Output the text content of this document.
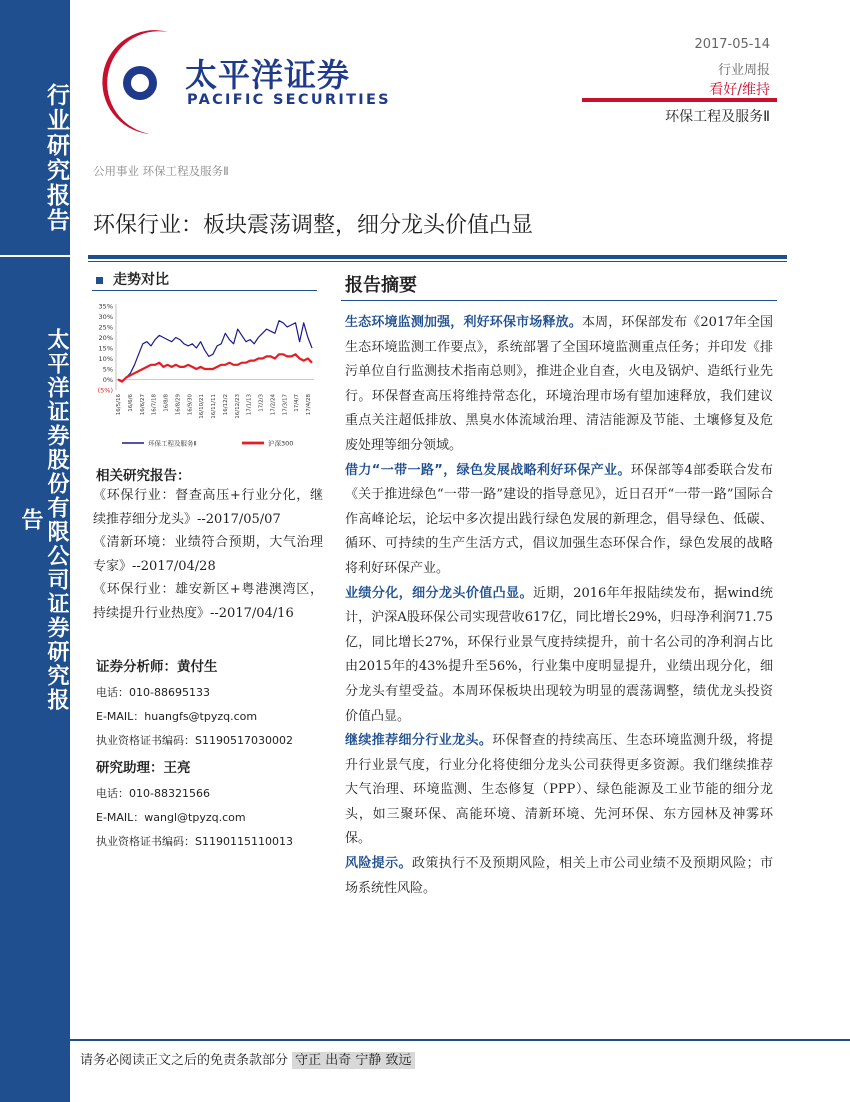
行业研究报告
太平洋证券股份有限公司证券研究报告
太平洋证券
PACIFIC SECURITIES
2017-05-14
行业周报
看好/维持
环保工程及服务Ⅱ
公用事业 环保工程及服务Ⅱ
环保行业：板块震荡调整，细分龙头价值凸显
走势对比
35%
30%
25%
20%
15%
10%
5%
0%
(5%)
16/5/16 16/6/6 16/6/27 16/7/18 16/8/8 16/8/29 16/9/30 16/10/21 16/11/11 16/12/2 16/12/23 17/1/13 17/2/3 17/2/24 17/3/17 17/4/7 17/4/28
环保工程及服务Ⅱ	沪深300
相关研究报告：

《环保行业：督查高压+行业分化，继续推荐细分龙头》--2017/05/07

《清新环境：业绩符合预期，大气治理专家》--2017/04/28

《环保行业：雄安新区+粤港澳湾区，持续提升行业热度》--2017/04/16

证券分析师：黄付生
电话：010-88695133
E-MAIL：huangfs@tpyzq.com
执业资格证书编码：S1190517030002
研究助理：王亮
电话：010-88321566
E-MAIL：wangl@tpyzq.com
执业资格证书编码：S1190115110013
报告摘要

生态环境监测加强，利好环保市场释放。本周，环保部发布《2017年全国生态环境监测工作要点》，系统部署了全国环境监测重点任务；并印发《排污单位自行监测技术指南总则》，推进企业自查，火电及锅炉、造纸行业先行。环保督查高压将维持常态化，环境治理市场有望加速释放，我们建议重点关注超低排放、黑臭水体流域治理、清洁能源及节能、土壤修复及危废处理等细分领域。

借力“一带一路”，绿色发展战略利好环保产业。环保部等4部委联合发布《关于推进绿色“一带一路”建设的指导意见》，近日召开“一带一路”国际合作高峰论坛，论坛中多次提出践行绿色发展的新理念，倡导绿色、低碳、循环、可持续的生产生活方式，倡议加强生态环保合作，绿色发展的战略将利好环保产业。

业绩分化，细分龙头价值凸显。近期，2016年年报陆续发布，据wind统计，沪深A股环保公司实现营收617亿，同比增长29%，归母净利润71.75亿，同比增长27%，环保行业景气度持续提升，前十名公司的净利润占比由2015年的43%提升至56%，行业集中度明显提升，业绩出现分化，细分龙头有望受益。本周环保板块出现较为明显的震荡调整，绩优龙头投资价值凸显。

继续推荐细分行业龙头。环保督查的持续高压、生态环境监测升级，将提升行业景气度，行业分化将使细分龙头公司获得更多资源。我们继续推荐大气治理、环境监测、生态修复（PPP）、绿色能源及工业节能的细分龙头，如三聚环保、高能环境、清新环境、先河环保、东方园林及神雾环保。

风险提示。政策执行不及预期风险，相关上市公司业绩不及预期风险；市场系统性风险。

请务必阅读正文之后的免责条款部分 守正 出奇 宁静 致远
